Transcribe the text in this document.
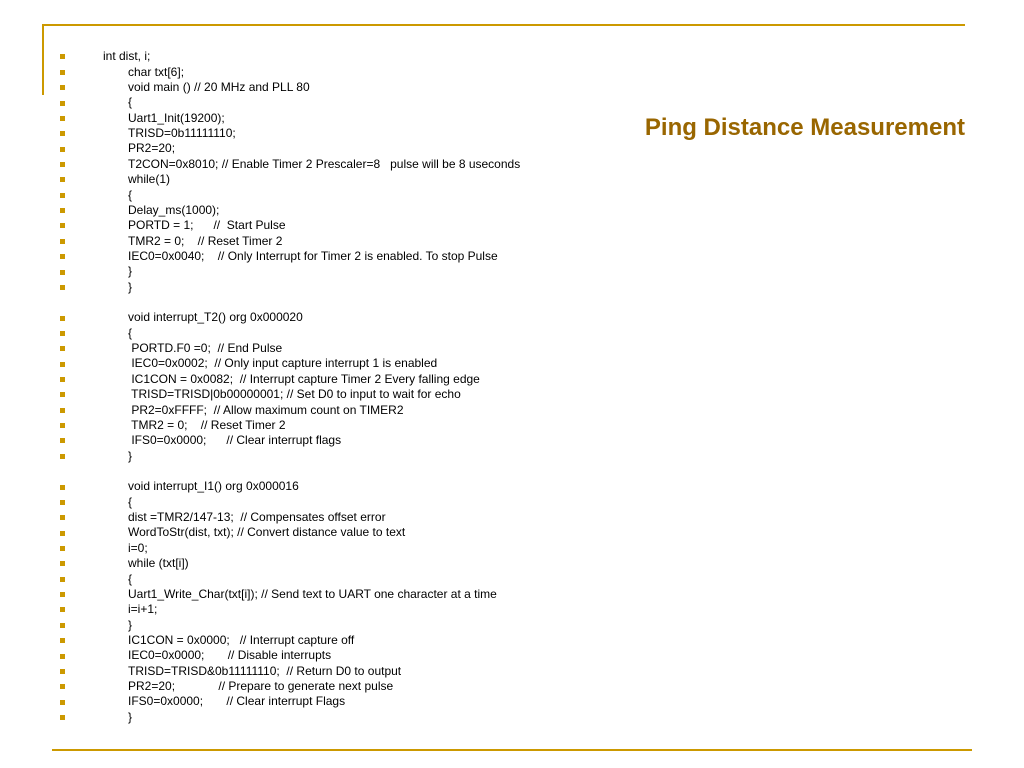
Ping Distance Measurement
int dist, i;
char txt[6];
void main () // 20 MHz and PLL 80
{
Uart1_Init(19200);
TRISD=0b11111110;
PR2=20;
T2CON=0x8010; // Enable Timer 2 Prescaler=8   pulse will be 8 useconds
while(1)
{
Delay_ms(1000);
PORTD = 1;      //  Start Pulse
TMR2 = 0;    // Reset Timer 2
IEC0=0x0040;    // Only Interrupt for Timer 2 is enabled. To stop Pulse
}
}
void interrupt_T2() org 0x000020
{
PORTD.F0 =0;  // End Pulse
IEC0=0x0002;  // Only input capture interrupt 1 is enabled
IC1CON = 0x0082;  // Interrupt capture Timer 2 Every falling edge
TRISD=TRISD|0b00000001; // Set D0 to input to wait for echo
PR2=0xFFFF;  // Allow maximum count on TIMER2
TMR2 = 0;    // Reset Timer 2
IFS0=0x0000;      // Clear interrupt flags
}
void interrupt_I1() org 0x000016
{
dist =TMR2/147-13;  // Compensates offset error
WordToStr(dist, txt); // Convert distance value to text
i=0;
while (txt[i])
{
Uart1_Write_Char(txt[i]); // Send text to UART one character at a time
i=i+1;
}
IC1CON = 0x0000;   // Interrupt capture off
IEC0=0x0000;       // Disable interrupts
TRISD=TRISD&0b11111110;  // Return D0 to output
PR2=20;             // Prepare to generate next pulse
IFS0=0x0000;       // Clear interrupt Flags
}
